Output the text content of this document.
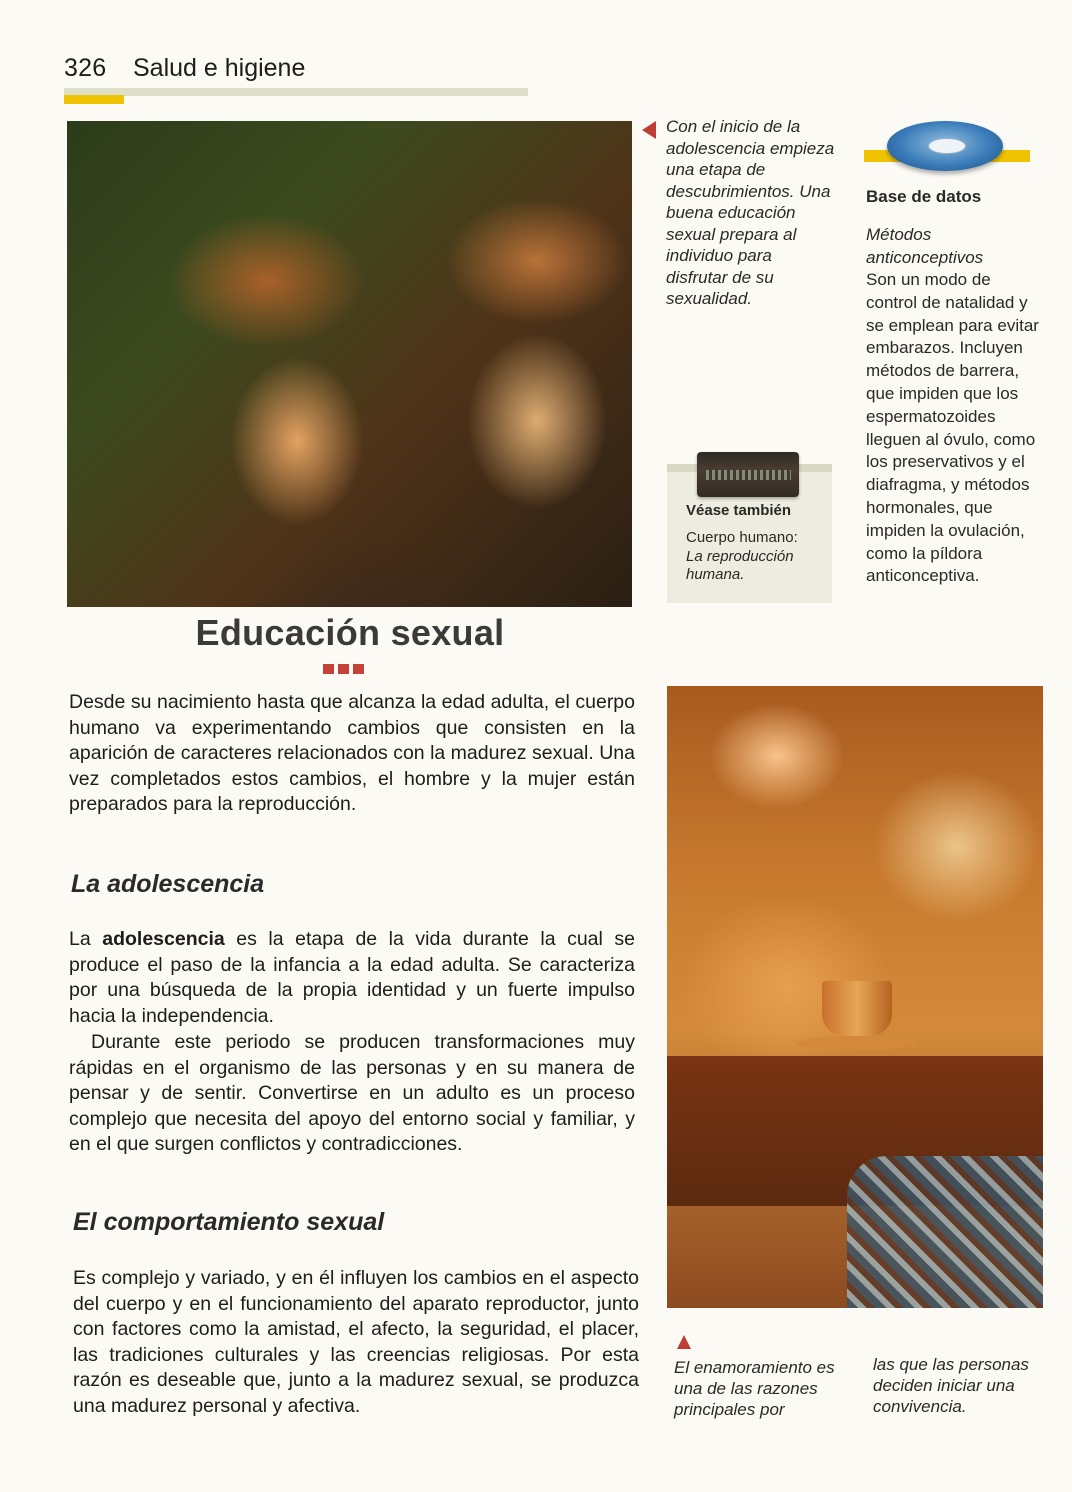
326 Salud e higiene
Con el inicio de la adolescencia empieza una etapa de descubrimientos. Una buena educación sexual prepara al individuo para disfrutar de su sexualidad.
Base de datos
Métodos anticonceptivos
Son un modo de control de natalidad y se emplean para evitar embarazos. Incluyen métodos de barrera, que impiden que los espermatozoides lleguen al óvulo, como los preservativos y el diafragma, y métodos hormonales, que impiden la ovulación, como la píldora anticonceptiva.
Véase también
Cuerpo humano:
La reproducción humana.
Educación sexual

Desde su nacimiento hasta que alcanza la edad adulta, el cuerpo humano va experimentando cambios que consisten en la aparición de caracteres relacionados con la madurez sexual. Una vez completados estos cambios, el hombre y la mujer están preparados para la reproducción.

La adolescencia

La adolescencia es la etapa de la vida durante la cual se produce el paso de la infancia a la edad adulta. Se caracteriza por una búsqueda de la propia identidad y un fuerte impulso hacia la independencia.

Durante este periodo se producen transformaciones muy rápidas en el organismo de las personas y en su manera de pensar y de sentir. Convertirse en un adulto es un proceso complejo que necesita del apoyo del entorno social y familiar, y en el que surgen conflictos y contradicciones.

El comportamiento sexual

Es complejo y variado, y en él influyen los cambios en el aspecto del cuerpo y en el funcionamiento del aparato reproductor, junto con factores como la amistad, el afecto, la seguridad, el placer, las tradiciones culturales y las creencias religiosas. Por esta razón es deseable que, junto a la madurez sexual, se produzca una madurez personal y afectiva.

El enamoramiento es una de las razones principales por
las que las personas deciden iniciar una convivencia.
